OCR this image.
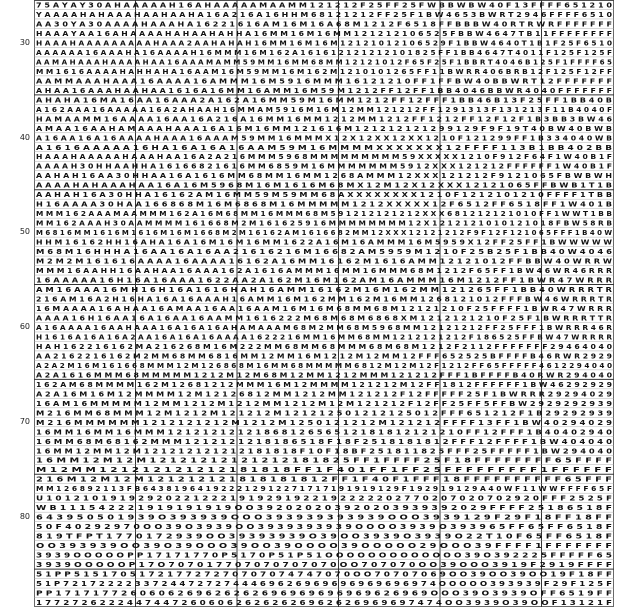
30
40
50
60
70
80
7 5 A Y A Y 3 0 A H A A A A A H 1 6 A H A A A A A M A A M M 1 2 1 2 1 2 F 2 5 F F 2 5 F W B B W B W 4 0 F 1 3 F F F F 6 5 1 2 1 0
Y A A A A H A H A A A H A A H A A H A 1 6 A 2 1 6 A 1 6 H H M 6 8 1 2 1 2 1 2 F F 2 5 F 1 B W 4 6 5 3 B W R T 2 9 4 6 F F F F 6 5 1 0
A A 3 0 Y A 3 0 A A A A H A A A H A 1 6 2 2 1 6 1 6 A M 1 6 M 1 6 A 6 8 M 1 2 1 2 F 6 5 1 8 F F B B B W 4 0 R T R W R F F F F F F F
H A A A Y A A 1 6 A H A A A A H A H A A H A H H A 1 6 M M 1 6 M 1 6 M M 1 2 1 2 1 2 1 0 6 5 2 5 F B B W 4 6 4 7 T B 1 1 F F F F F F F F
H A A A H A A A A A A A A A H A A A 2 A A H A H A H 1 6 M M 1 6 M 1 6 M 1 2 1 2 1 0 1 2 1 0 6 5 2 9 F 1 B B W 4 6 4 0 T 1 B 1 F 2 5 F 6 5 1 0
A A A A A A 1 6 A A A H A 1 6 A A A A H 1 6 M M M 1 6 M 1 6 2 A 1 6 1 6 1 2 1 2 1 2 1 2 1 0 1 8 2 5 F F 1 B B 4 6 4 7 T 4 0 1 1 F 1 2 5 F 1 2 5 F
A A M A H A A A H A A A A H A A 1 6 A A A M A M M 5 9 M M 1 6 M M 6 8 M M 1 2 1 2 1 0 1 2 F 6 5 F 2 5 F 1 B B R T 4 0 4 6 B 1 2 5 F 1 F F F F 6 5
M M 1 6 1 6 A A A A H A H H A H A 1 6 A A M 1 6 M 5 9 M M 1 6 M 1 6 2 M 1 2 1 0 1 0 1 2 6 5 F F 1 1 B W R R 4 0 6 B R B 1 2 F 1 2 5 F 1 2 F F
A A M M A A A H A A A 1 6 A A A A 1 6 A M M M 1 6 M 5 9 1 6 M M M 1 6 1 2 1 2 1 0 F F 1 F F B W 4 0 B B W R T 1 2 F F F F F F F
A H A A 1 6 A A A H A A H A A 1 6 1 6 A 1 6 M M 1 6 A M M 1 6 M 5 9 M 1 2 1 2 F F 1 2 F F 1 B B 4 0 4 6 B B W R 4 0 4 0 F F F F F F F
A H A H A 1 6 M A 1 6 A A 1 6 A A A 2 A 1 6 2 A 1 6 M M 5 9 M 1 6 M M 1 2 1 2 F F 1 2 F F F 1 B B 4 6 B 1 3 F 2 5 F F 1 B B 4 0 B
A 1 6 2 A A A 1 6 A A A A A 1 6 A 2 A H A A H 1 6 M M A M 5 9 1 6 M 1 6 M 1 2 M M 1 2 1 2 1 2 F F 1 2 9 1 3 1 3 F 1 3 1 2 1 3 F 1 1 B 4 0 4 0 F
H A M A A M M 1 6 A A A A 1 6 A A 1 6 A 2 1 6 A 1 6 M M 1 6 M M 1 2 1 2 M M 1 2 1 2 F F 1 2 1 2 F F 1 2 F 1 2 F 1 B 3 B B 3 B W 4 6
A M A A 1 6 A A H A M A A A H A A A 1 6 A 1 6 M 1 6 M M 1 2 1 6 1 6 M 1 2 1 2 1 2 1 2 1 2 9 9 1 2 9 F 9 F 1 9 T 4 0 B W 4 0 B W B
A 1 6 A A 1 6 A 1 6 A A A A H A A A 1 6 A A A M 5 9 M M 1 6 M M M X 1 2 X 1 2 X X 1 2 X X 1 2 1 0 F 1 2 1 2 9 9 F F 1 B 3 3 4 0 4 0 W B
A 1 6 1 6 A A A A A 1 6 H A 1 6 A 1 6 A 1 6 A A M 5 9 M 1 6 M M M M X X X X X X X 1 2 F F F F 1 1 3 B 1 B B 4 0 2 B B
H A A A H A A A A A H A A A H A A 1 6 A 2 A 2 1 6 M M M 5 9 6 8 M M M M M M M M M 5 9 X X X X X 1 2 1 0 F 9 1 2 F 6 4 F 1 W 4 0 B 1 F
A A A A H 3 0 H H A A H H A 1 6 1 6 6 8 2 1 6 1 6 M M 6 8 5 9 M 1 6 M M M M M M M 5 9 1 2 X X X 1 2 1 2 1 2 F F F F F F 1 W 4 0 B 1 F
A A H A H 1 6 A A 3 0 H H A A 1 6 A 1 6 1 6 M M 6 8 M M 1 6 M M 1 2 6 8 A M M M 1 2 X X X 1 2 1 2 1 2 F 9 1 2 1 0 6 5 F B W B W H
A A A A H A H A A A H A A 1 6 A 1 6 M 5 9 6 8 M 1 6 M 1 6 1 6 M 6 8 M X 1 2 M 1 2 X 1 2 X X X 1 2 1 2 1 0 6 5 F F B W B 1 T 1 B
A A H A H 1 6 A 3 0 H H A 1 6 1 6 2 A M 1 6 M M 5 9 M 5 9 M M 6 8 A X X X X X X X X 1 2 1 0 F 1 2 1 2 1 0 1 2 1 0 F F F F 1 T B B
H 1 6 A A A A 3 0 H A A 1 6 6 8 6 8 M 1 6 M 6 8 6 8 M 1 6 M M M M M 1 2 1 2 X X X X X 1 2 F 6 5 1 2 F F 6 5 1 8 F F 1 W 4 0 1 B
M M M 1 6 2 A A A M A A M M M 1 6 2 A 1 6 M 6 8 M M 1 6 M M M 6 8 M 5 9 1 2 1 2 1 2 1 2 1 2 X X X 6 8 1 2 1 2 1 2 1 0 1 0 F F 1 W W T 1 B B
M M 1 6 2 A A A H 3 0 A A M M M M 1 6 1 6 6 8 M 2 M 1 6 1 6 2 5 9 1 6 M M M M M M M M 1 2 X 1 2 1 2 1 2 1 0 1 0 1 2 1 0 1 8 F B W 5 8 R B
M 6 8 1 6 M M 1 6 1 6 M 1 6 1 6 M 1 6 M 1 6 6 8 M 2 M 1 6 1 6 2 A M 1 6 1 6 6 8 2 M M 1 2 X X X 1 2 1 2 1 2 1 2 F 9 F 1 2 F 1 2 1 0 6 5 F F F 1 B 4 0 W
H H M 1 6 1 6 2 H H 1 6 A H A 1 6 A 1 6 M 1 6 M 1 6 M M 1 6 2 2 A 1 6 M 1 6 A M M M 1 6 M 5 9 5 9 X 1 2 F F 2 5 F F 1 B W W W W W
M 6 8 M 1 6 H H H A 1 6 A A 1 6 A 1 6 A A 2 1 6 1 6 2 1 6 M 1 6 6 8 2 A M 5 9 5 9 M 1 2 1 0 F 2 5 B 2 5 F 1 B B 4 0 W 4 0 4 6
M 2 M 2 M 1 6 1 6 1 6 A A A A 1 6 A A A A 1 6 1 6 2 A 1 6 M M 1 6 1 6 2 M 1 6 1 6 A M M 1 2 1 2 1 0 1 2 F F B B W 4 0 W R R W
M M M 1 6 A A H H 1 6 A A H A A 1 6 A A A 1 6 2 A 1 6 1 6 A M M M 1 6 M M 1 6 M M M 6 8 M 1 2 1 2 F 6 5 F F 1 B W 4 6 W R 4 6 R R R
1 6 A A A A A 1 6 H 1 6 A 1 6 A A A 1 6 2 2 A A 2 A 1 6 2 M 1 6 M 1 6 2 A M 1 6 A M M M 1 6 M 1 2 1 2 F F 1 B W R 4 7 W R R R
A M 1 6 A A A 1 6 M H 1 6 H 1 6 A 1 6 1 6 H A H 1 6 A M M 1 6 1 6 2 M 1 6 M 1 6 2 M M 1 2 1 2 6 5 F F 1 B B 4 0 W R R R T R
2 1 6 A M 1 6 A 2 H 1 6 H A 1 6 A 1 6 A A A H 1 6 A M M 1 6 M 1 6 2 M M 1 6 2 M 1 6 M M 1 2 6 8 1 2 1 0 1 2 F F F B W 4 6 W R R R T R
1 6 M A A A A 1 6 A H A A 1 6 A M A A 1 6 A A 1 6 A A M 1 6 M 1 6 M 6 8 M M 6 8 M 1 2 1 2 1 2 1 0 F 2 5 F F F F 1 B W R 4 7 W R R R
A A A A 1 6 H 1 6 A A 1 6 A 1 6 A A 1 6 A A M M 1 6 1 6 2 2 2 M 6 8 M 6 8 M 6 8 6 8 X M 1 2 1 2 1 2 1 2 1 0 F 2 5 F 1 B W R R R T T R
A 1 6 A A A A 1 6 A A H A A A 1 6 A 1 6 A 1 6 A H A M A A A M 6 8 M 2 M M 6 8 M 5 9 6 8 M M 1 2 1 2 1 2 1 2 F F 2 5 F F F 1 B W R R R 4 6 R
H 1 6 1 6 A 1 6 A 1 6 A 2 A A 1 6 A 1 6 A 1 6 A A A A 1 6 2 2 2 1 6 M M 1 6 M M 6 8 M M 1 2 1 2 1 2 1 2 1 2 F 1 8 6 5 2 5 F F B W 4 7 W R R R R
H A H 1 6 2 2 1 6 1 6 2 M A 2 1 6 2 6 8 M 1 6 M 2 2 2 M M 6 8 M M 6 8 M M M 6 8 M 6 8 M 1 2 1 2 F 2 1 1 2 F F F F F F F 2 9 4 6 4 0 4 0
A A 2 1 6 2 2 1 6 1 6 2 M 2 M M 6 8 M M 6 8 1 6 M M 1 2 M M 1 6 M 1 2 1 2 M 1 2 M M 1 2 F F F 6 5 2 5 2 5 B F F F F B 4 6 R W R 2 9 2 9
A 2 A 2 M 1 6 M 1 6 1 6 6 8 M M M 1 2 M 1 2 6 8 6 8 M 1 6 M M 6 8 M M M M M 6 8 1 2 M 1 2 M 1 2 F 1 2 1 2 F F 6 5 F F F F F 4 6 1 2 2 9 4 0 4 0
A 2 A 1 6 1 6 M M M 6 8 M M M M M 1 2 1 2 M 1 2 M 6 8 M 1 2 M M 1 2 1 2 M M M 1 2 1 2 1 2 F F F 1 B F F F F B 4 0 R W R 2 9 4 0 4 0
1 6 2 A M 6 8 M M M M 1 6 2 M 1 2 6 8 1 2 1 2 M M M 1 6 M 1 2 M M M M 1 2 1 2 1 2 M 1 2 F F 1 8 1 2 F F F F F F 1 B W 4 6 2 9 2 9 2 9
A 2 A 1 6 M 1 6 M 1 2 M M M M 1 2 M 1 2 1 2 6 8 1 2 M M 1 2 1 2 M M 1 2 1 2 1 2 F 1 2 F F F F F 2 5 F 1 B W R R R 2 9 2 9 4 0 2 9
1 6 A M 1 6 M M M M M 1 2 M M 1 2 1 2 M 1 2 1 2 M M 1 2 1 2 M 1 2 M 1 2 1 2 1 2 F 1 2 F F 2 5 F F 5 F F B W 2 9 2 9 2 9 2 9 3 9
M 2 1 6 M M 6 8 M M M 1 2 M 1 2 1 2 M 1 2 1 2 1 2 M 1 2 1 2 1 2 5 0 1 2 1 2 1 2 5 0 1 2 F F F 6 5 1 2 1 2 F 1 B 2 9 2 9 2 9 3 9
M 2 1 6 M M M M M M 1 2 1 2 1 2 1 2 1 2 M 1 2 1 2 M 1 2 5 0 1 2 1 2 1 2 M 1 2 1 2 1 2 F F F F 1 3 F F 1 B W 4 0 2 9 4 0 2 9
1 6 M M 1 6 M M 1 6 M M M 1 2 1 2 1 2 1 2 1 2 1 8 6 8 1 2 6 5 6 5 1 2 1 8 1 8 1 2 1 2 1 2 1 0 F F 1 2 F F F 1 B 4 0 4 0 2 9 4 0
1 6 M M 6 8 M 6 8 1 6 2 M M M 1 2 1 2 1 2 1 2 1 8 1 8 6 5 1 8 F 1 8 F 2 5 1 8 1 8 1 8 1 2 F F F 1 2 F F F F 1 B W 4 0 4 0 4 0
1 6 M M 1 2 M M 1 2 M 1 2 1 2 1 2 1 2 1 2 1 2 1 8 1 8 1 8 F 1 0 F 1 8 B F 2 5 1 8 1 1 8 2 5 F F F 2 5 F F F F F 1 B W 2 9 4 0 4 0
1 6 M M 1 2 M 1 2 M 1 2 1 2 1 2 1 2 1 2 1 2 1 2 1 8 1 8 2 5 F F 1 F F F F 2 5 F 1 8 F F F F F F F F 6 5 F F F F
M 1 2 M M 1 2 1 2 1 2 1 2 1 2 1 2 1 8 1 8 1 8 F F 1 F 4 0 1 F F 1 F F 2 5 F F F F F F F F F 1 F F F F F F
2 1 6 M 1 2 M 1 2 M 1 2 1 2 1 2 1 2 1 8 1 8 1 8 1 8 1 2 F F 1 F 4 0 F 1 F F F 1 8 F F F F F F F F F F 6 5 F F F
M M 1 2 6 8 9 2 1 1 3 F B 6 4 3 8 1 9 6 4 1 9 2 2 2 1 2 9 1 2 2 7 1 7 1 7 1 9 1 9 1 9 1 2 9 F 1 9 2 9 1 9 1 2 9 A 4 0 W F 1 1 W W F F F F 6 5 F
U 1 0 1 2 1 0 1 9 1 9 2 9 2 0 2 2 1 2 2 2 1 9 1 9 2 9 1 9 2 2 1 9 2 2 2 2 2 0 2 7 7 0 2 0 7 0 2 0 7 0 2 9 2 0 F F F 2 5 2 5 F
W B 1 1 1 5 4 2 2 2 1 9 1 9 1 9 1 9 1 9 O O 3 9 2 0 2 0 2 0 3 9 2 0 2 0 3 9 3 9 3 9 2 0 2 9 F F F F 2 5 1 8 6 5 1 8 F
6 4 3 9 5 0 5 0 1 9 3 9 O 3 9 3 9 3 9 O O O 3 9 3 9 3 9 3 9 3 9 3 9 O O O 3 9 3 9 1 2 9 F 2 9 F 1 8 F F 1 8 F F
5 0 F 4 0 2 9 2 9 7 0 O O 3 9 O 3 9 3 9 O O 3 9 3 9 3 9 3 9 3 9 O O O O 3 9 3 9 O 3 9 3 9 6 5 F F 6 5 F F 6 5 1 8 F
8 1 9 T F P T 1 7 7 0 1 7 2 9 3 9 O O 3 9 3 9 3 9 3 9 O 3 9 O O 3 9 3 9 O 3 9 3 9 O 2 2 T 1 0 F 6 5 F F 6 5 1 8 F
O O 3 9 3 9 3 9 O O 3 9 O 3 9 O O O 3 9 O O 3 9 O O O O 3 9 O O O O O 2 9 O O O 3 9 F F F F 1 F F F F F F F
3 9 3 9 O O O O O P P 1 7 1 7 1 7 7 0 P 5 1 7 0 P 5 1 P 5 1 O O O O O O O O O O O O O 3 9 O 3 9 2 2 2 5 F F F F F 6 5
3 9 3 9 O O O O O P 1 7 O 7 0 7 0 1 7 7 0 7 0 7 0 7 0 7 0 7 0 O O 7 0 7 0 7 0 O O 3 9 O O O 3 9 1 9 F 2 9 1 9 F F F F
5 1 P P 5 1 5 1 7 0 5 1 7 2 1 7 7 2 7 2 7 0 7 0 7 0 7 4 7 4 7 0 7 0 O O 7 0 7 0 7 0 6 9 O O 3 9 O O 3 9 O O 1 9 F 1 8 F F
5 1 P 7 2 1 7 2 2 2 2 3 3 7 2 4 4 7 2 7 2 7 4 4 4 6 9 6 2 6 9 6 9 6 9 6 9 6 9 6 9 6 9 7 4 O O O O O 3 9 3 9 3 9 F 2 9 F 1 2 5 F
P P 1 7 1 7 1 7 7 2 6 0 6 0 6 2 6 9 6 2 6 2 6 2 6 9 6 9 6 9 6 9 6 9 6 9 6 2 6 9 6 9 O O O 3 9 O 3 9 3 9 O F F 6 5 1 9 F F
1 7 7 2 7 2 6 2 2 2 4 4 7 4 4 7 2 6 0 6 0 6 2 6 2 6 2 6 2 6 9 6 2 6 2 6 9 6 9 6 9 7 4 7 4 O O 3 9 3 9 O 3 9 O O F 1 3 1 2 1 F
